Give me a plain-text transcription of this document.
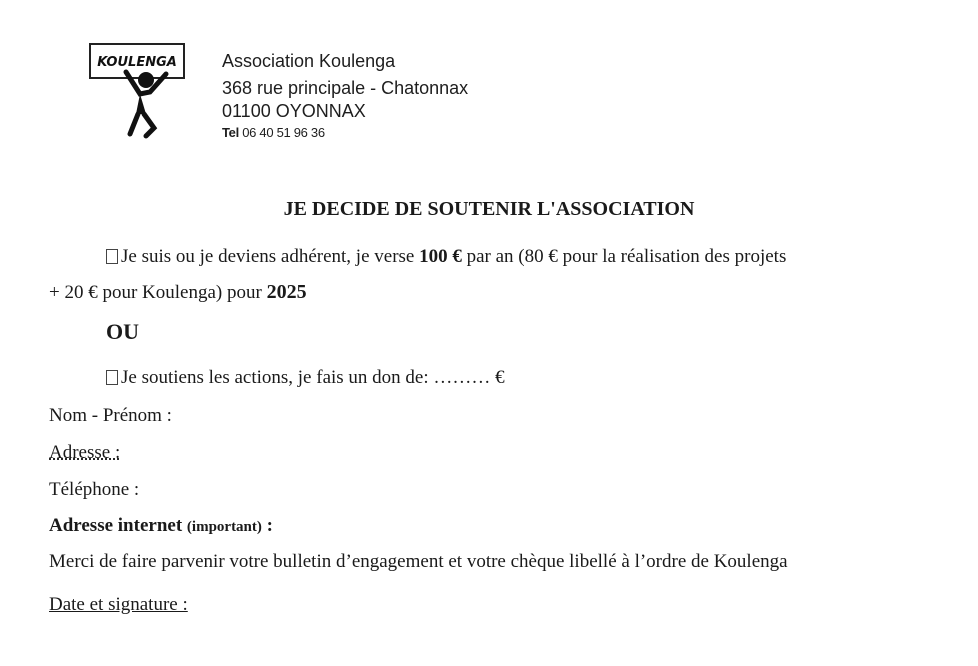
KOULENGA	Association Koulenga
368 rue principale - Chatonnax
01100 OYONNAX
Tel 06 40 51 96 36
JE DECIDE DE SOUTENIR L'ASSOCIATION
Je suis ou je deviens adhérent, je verse 100 € par an (80 € pour la réalisation des projets
+ 20 € pour Koulenga) pour 2025
OU
Je soutiens les actions, je fais un don de: ……… €
Nom - Prénom :
Adresse :
Téléphone :
Adresse internet (important) :
Merci de faire parvenir votre bulletin d’engagement et votre chèque libellé à l’ordre de Koulenga
Date et signature :
